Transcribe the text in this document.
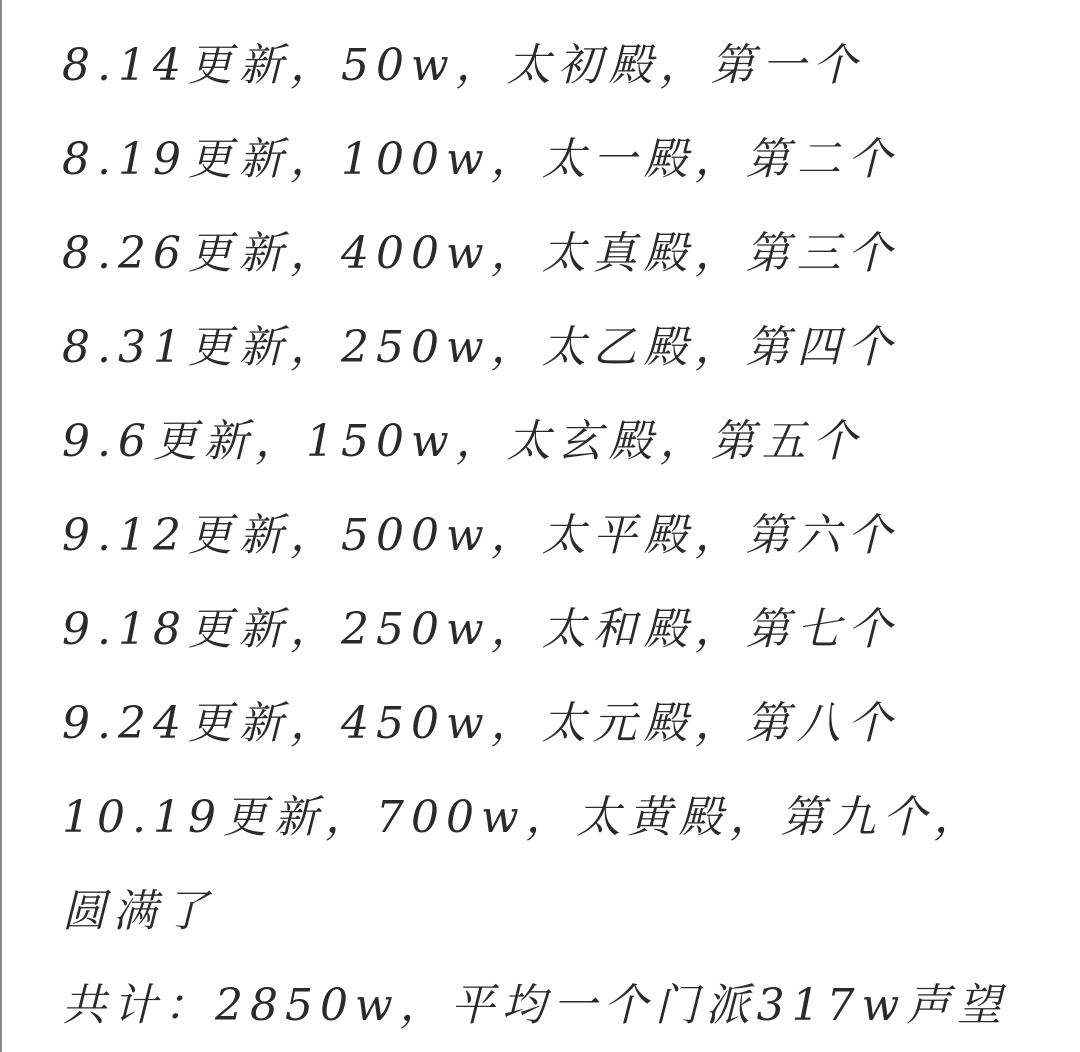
8.14更新，50w，太初殿，第一个
8.19更新，100w，太一殿，第二个
8.26更新，400w，太真殿，第三个
8.31更新，250w，太乙殿，第四个
9.6更新，150w，太玄殿，第五个
9.12更新，500w，太平殿，第六个
9.18更新，250w，太和殿，第七个
9.24更新，450w，太元殿，第八个
10.19更新，700w，太黄殿，第九个，
圆满了
共计：2850w，平均一个门派317w声望
